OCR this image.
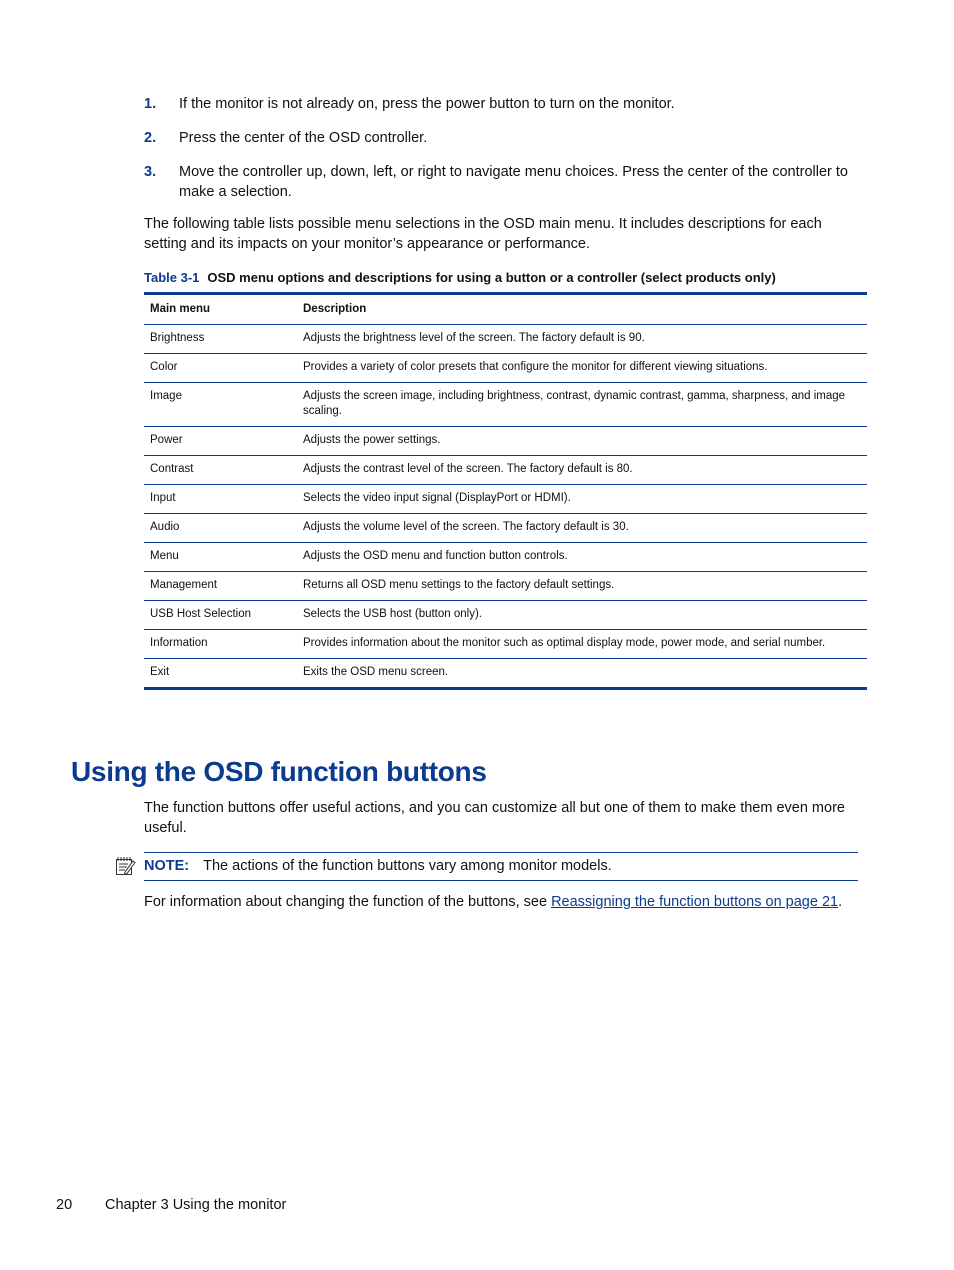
1. If the monitor is not already on, press the power button to turn on the monitor.
2. Press the center of the OSD controller.
3. Move the controller up, down, left, or right to navigate menu choices. Press the center of the controller to make a selection.

The following table lists possible menu selections in the OSD main menu. It includes descriptions for each setting and its impacts on your monitor’s appearance or performance.

Table 3-1 OSD menu options and descriptions for using a button or a controller (select products only)

Main menu	Description
Brightness	Adjusts the brightness level of the screen. The factory default is 90.
Color	Provides a variety of color presets that configure the monitor for different viewing situations.
Image	Adjusts the screen image, including brightness, contrast, dynamic contrast, gamma, sharpness, and image scaling.
Power	Adjusts the power settings.
Contrast	Adjusts the contrast level of the screen. The factory default is 80.
Input	Selects the video input signal (DisplayPort or HDMI).
Audio	Adjusts the volume level of the screen. The factory default is 30.
Menu	Adjusts the OSD menu and function button controls.
Management	Returns all OSD menu settings to the factory default settings.
USB Host Selection	Selects the USB host (button only).
Information	Provides information about the monitor such as optimal display mode, power mode, and serial number.
Exit	Exits the OSD menu screen.
Using the OSD function buttons

The function buttons offer useful actions, and you can customize all but one of them to make them even more useful.

NOTE: The actions of the function buttons vary among monitor models.

For information about changing the function of the buttons, see Reassigning the function buttons on page 21.

20 Chapter 3 Using the monitor
